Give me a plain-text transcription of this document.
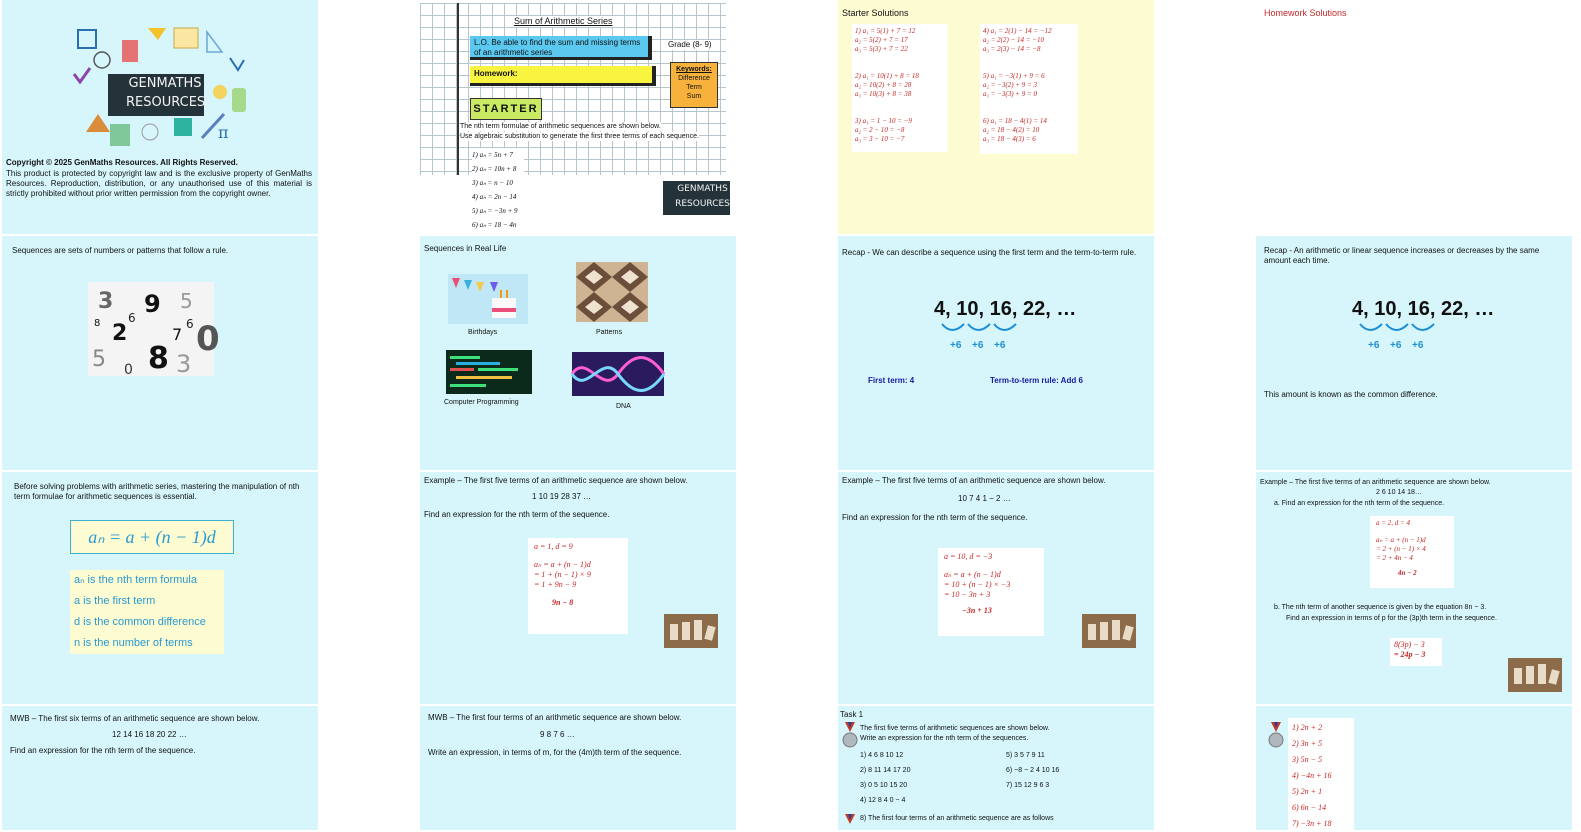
π
GENMATHS
RESOURCES
Copyright © 2025 GenMaths Resources. All Rights Reserved.
This product is protected by copyright law and is the exclusive property of GenMaths Resources. Reproduction, distribution, or any unauthorised use of this material is strictly prohibited without prior written permission from the copyright owner.
Sum of Arithmetic Series
L.O. Be able to find the sum and missing terms of an arithmetic series
Grade (8- 9)
Homework:	Keywords:
Difference
Term
Sum
STARTER
The nth term formulae of arithmetic sequences are shown below.
Use algebraic substitution to generate the first three terms of each sequence.
1) aₙ = 5n + 7
2) aₙ = 10n + 8
3) aₙ = n − 10
4) aₙ = 2n − 14
5) aₙ = −3n + 9
6) aₙ = 18 − 4n
GENMATHS
RESOURCES
Starter Solutions
1) a₁ = 5(1) + 7 = 12
a₂ = 5(2) + 7 = 17
a₃ = 5(3) + 7 = 22
2) a₁ = 10(1) + 8 = 18
a₂ = 10(2) + 8 = 28
a₃ = 10(3) + 8 = 38
3) a₁ = 1 − 10 = −9
a₂ = 2 − 10 = −8
a₃ = 3 − 10 = −7
4) a₁ = 2(1) − 14 = −12
a₂ = 2(2) − 14 = −10
a₃ = 2(3) − 14 = −8
5) a₁ = −3(1) + 9 = 6
a₂ = −3(2) + 9 = 3
a₃ = −3(3) + 9 = 0
6) a₁ = 18 − 4(1) = 14
a₂ = 18 − 4(2) = 10
a₃ = 18 − 4(3) = 6
Homework Solutions
Sequences are sets of numbers or patterns that follow a rule.
3 9 5
8 2
6
7
6 0
8
5	3
0
Sequences in Real Life
Birthdays	Patterns
Computer Programming
DNA
Recap - We can describe a sequence using the first term and the term-to-term rule.
4, 10, 16, 22, …
+6 +6 +6
First term: 4	Term-to-term rule: Add 6
Recap - An arithmetic or linear sequence increases or decreases by the same amount each time.
4, 10, 16, 22, …
+6 +6 +6
This amount is known as the common difference.
Before solving problems with arithmetic series, mastering the manipulation of nth term formulae for arithmetic sequences is essential.
aₙ = a + (n − 1)d
aₙ is the nth term formula
a is the first term
d is the common difference
n is the number of terms
Example – The first five terms of an arithmetic sequence are shown below.
1 10 19 28 37 …
Find an expression for the nth term of the sequence.
a = 1, d = 9
aₙ = a + (n − 1)d
= 1 + (n − 1) × 9
= 1 + 9n − 9
9n − 8
Example – The first five terms of an arithmetic sequence are shown below.
10 7 4 1 − 2 …
Find an expression for the nth term of the sequence.
a = 10, d = −3
aₙ = a + (n − 1)d
= 10 + (n − 1) × −3
= 10 − 3n + 3
−3n + 13
Example – The first five terms of an arithmetic sequence are shown below.
2 6 10 14 18…
a. Find an expression for the nth term of the sequence.
a = 2, d = 4
aₙ = a + (n − 1)d
= 2 + (n − 1) × 4
= 2 + 4n − 4
4n − 2
b. The nth term of another sequence is given by the equation 8n − 3.
Find an expression in terms of p for the (3p)th term in the sequence.
8(3p) − 3
= 24p − 3
MWB – The first six terms of an arithmetic sequence are shown below.
12 14 16 18 20 22 …
Find an expression for the nth term of the sequence.
MWB – The first four terms of an arithmetic sequence are shown below.
9 8 7 6 …
Write an expression, in terms of m, for the (4m)th term of the sequence.
Task 1
The first five terms of arithmetic sequences are shown below.
Write an expression for the nth term of the sequences.
1) 4 6 8 10 12
2) 8 11 14 17 20
3) 0 5 10 15 20
4) 12 8 4 0 − 4
5) 3 5 7 9 11
6) −8 − 2 4 10 16
7) 15 12 9 6 3
8) The first four terms of an arithmetic sequence are as follows
1) 2n + 2
2) 3n + 5
3) 5n − 5
4) −4n + 16
5) 2n + 1
6) 6n − 14
7) −3n + 18
